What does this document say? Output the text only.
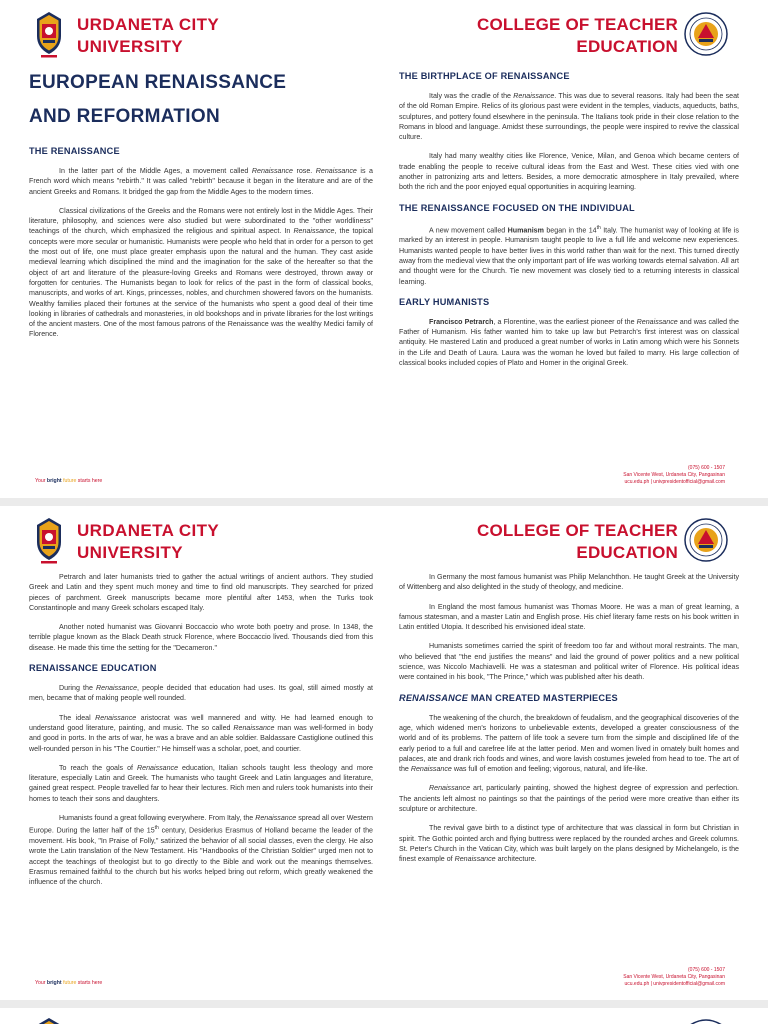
URDANETA CITY
UNIVERSITY
COLLEGE OF TEACHER
EDUCATION
EUROPEAN RENAISSANCE
AND REFORMATION
THE RENAISSANCE

In the latter part of the Middle Ages, a movement called Renaissance rose. Renaissance is a French word which means "rebirth." It was called "rebirth" because it began in the literature and are of the ancient Greeks and Romans. It bridged the gap from the Middle Ages to the modern times.

Classical civilizations of the Greeks and the Romans were not entirely lost in the Middle Ages. Their literature, philosophy, and sciences were also studied but were subordinated to the "other worldliness" teachings of the church, which emphasized the religious and spiritual aspect. In Renaissance, the topical concepts were more secular or humanistic. Humanists were people who held that in order for a person to get the most out of life, one must place greater emphasis upon the natural and the human. They cast aside medieval learning which disciplined the mind and the imagination for the sake of the hereafter so that the object of art and literature of the pleasure-loving Greeks and Romans were destroyed, thrown away or forgotten for centuries. The Humanists began to look for relics of the past in the form of classical books, manuscripts, and works of art. Kings, princesses, nobles, and churchmen showered favors on the humanists. Wealthy families placed their fortunes at the service of the humanists who spent a good deal of their time looking in libraries of cathedrals and monasteries, in old bookshops and in private libraries for the lost writings of the ancient masters. One of the most famous patrons of the Renaissance was the wealthy Medici family of Florence.

THE BIRTHPLACE OF RENAISSANCE

Italy was the cradle of the Renaissance. This was due to several reasons. Italy had been the seat of the old Roman Empire. Relics of its glorious past were evident in the temples, viaducts, aqueducts, baths, sculptures, and pottery found elsewhere in the peninsula. The Italians took pride in their close relation to the Romans in blood and language. Amidst these surroundings, the people were inspired to revive the classical culture.

Italy had many wealthy cities like Florence, Venice, Milan, and Genoa which became centers of trade enabling the people to receive cultural ideas from the East and West. These cities vied with one another in patronizing arts and letters. Besides, a more democratic atmosphere in Italy prevailed, where both the rich and the poor enjoyed equal opportunities in acquiring learning.

THE RENAISSANCE FOCUSED ON THE INDIVIDUAL

A new movement called Humanism began in the 14th Italy. The humanist way of looking at life is marked by an interest in people. Humanism taught people to live a full life and welcome new experiences. Humanists wanted people to have better lives in this world rather than wait for the next. This turned directly away from the medieval view that the only important part of life was working towards eternal salvation. All art and thought were for the Church. Tie new movement was closely tied to a returning interests in classical learning.

EARLY HUMANISTS

Francisco Petrarch, a Florentine, was the earliest pioneer of the Renaissance and was called the Father of Humanism. His father wanted him to take up law but Petrarch's first interest was on classical antiquity. He mastered Latin and produced a great number of works in Latin among which were his Sonnets in the Life and Death of Laura. Laura was the woman he loved but failed to marry. His large collection of classical books included copies of Plato and Homer in the original Greek.

Your bright future starts here
(075) 600 - 1507
San Vicente West, Urdaneta City, Pangasinan
ucu.edu.ph | univpresidentofficial@gmail.com
URDANETA CITY
UNIVERSITY
COLLEGE OF TEACHER
EDUCATION

Petrarch and later humanists tried to gather the actual writings of ancient authors. They studied Greek and Latin and they spent much money and time to find old manuscripts. They searched for prized pieces of parchment. Greek manuscripts became more plentiful after 1453, when the Turks took Constantinople and many Greek scholars escaped Italy.

Another noted humanist was Giovanni Boccaccio who wrote both poetry and prose. In 1348, the terrible plague known as the Black Death struck Florence, where Boccaccio lived. Thousands died from this disease. He made this time the setting for the "Decameron."

RENAISSANCE EDUCATION

During the Renaissance, people decided that education had uses. Its goal, still aimed mostly at men, became that of making people well rounded.

The ideal Renaissance aristocrat was well mannered and witty. He had learned enough to understand good literature, painting, and music. The so called Renaissance man was well-formed in body and good in ports. In the arts of war, he was a brave and an able soldier. Baldassare Castiglione outlined this well-rounded person in his "The Courtier." He himself was a scholar, poet, and courtier.

To reach the goals of Renaissance education, Italian schools taught less theology and more literature, especially Latin and Greek. The humanists who taught Greek and Latin languages and literature, gained great respect. People travelled far to hear their lectures. Rich men and rulers took humanists into their homes to teach their sons and daughters.

Humanists found a great following everywhere. From Italy, the Renaissance spread all over Western Europe. During the latter half of the 15th century, Desiderius Erasmus of Holland became the leader of the movement. His book, "In Praise of Folly," satirized the behavior of all social classes, even the clergy. He also wrote the Latin translation of the New Testament. His "Handbooks of the Christian Soldier" urged men not to accept the teachings of theologist but to go directly to the Bible and work out the meanings themselves. Erasmus remained faithful to the church but his works helped bring out reform, which greatly weakened the influence of the church.

In Germany the most famous humanist was Philip Melanchthon. He taught Greek at the University of Wittenberg and also delighted in the study of theology, and medicine.

In England the most famous humanist was Thomas Moore. He was a man of great learning, a famous statesman, and a master Latin and English prose. His chief literary fame rests on his book written in Latin entitled Utopia. It described his envisioned ideal state.

Humanists sometimes carried the spirit of freedom too far and without moral restraints. The man, who believed that "the end justifies the means" and laid the ground of power politics and a new political science, was Niccolo Machiavelli. He was a statesman and political writer of Florence. His political ideas were contained in his book, "The Prince," which was published after his death.

RENAISSANCE MAN CREATED MASTERPIECES

The weakening of the church, the breakdown of feudalism, and the geographical discoveries of the age, which widened men's horizons to unbelievable extents, developed a greater consciousness of the world and of its problems. The pattern of life took a severe turn from the simple and disciplined life of the early period to a full and carefree life at the latter period. Men and women lived in ornately built homes and palaces, ate and drank rich foods and wines, and wore lavish costumes jeweled from head to toe. The art of the Renaissance was full of emotion and feeling; vigorous, natural, and life-like.

Renaissance art, particularly painting, showed the highest degree of expression and perfection. The ancients left almost no paintings so that the paintings of the period were more creative than either its sculpture or architecture.

The revival gave birth to a distinct type of architecture that was classical in form but Christian in spirit. The Gothic pointed arch and flying buttress were replaced by the rounded arches and Greek columns. St. Peter's Church in the Vatican City, which was built largely on the plans designed by Michelangelo, is the finest example of Renaissance architecture.

Your bright future starts here
(075) 600 - 1507
San Vicente West, Urdaneta City, Pangasinan
ucu.edu.ph | univpresidentofficial@gmail.com
